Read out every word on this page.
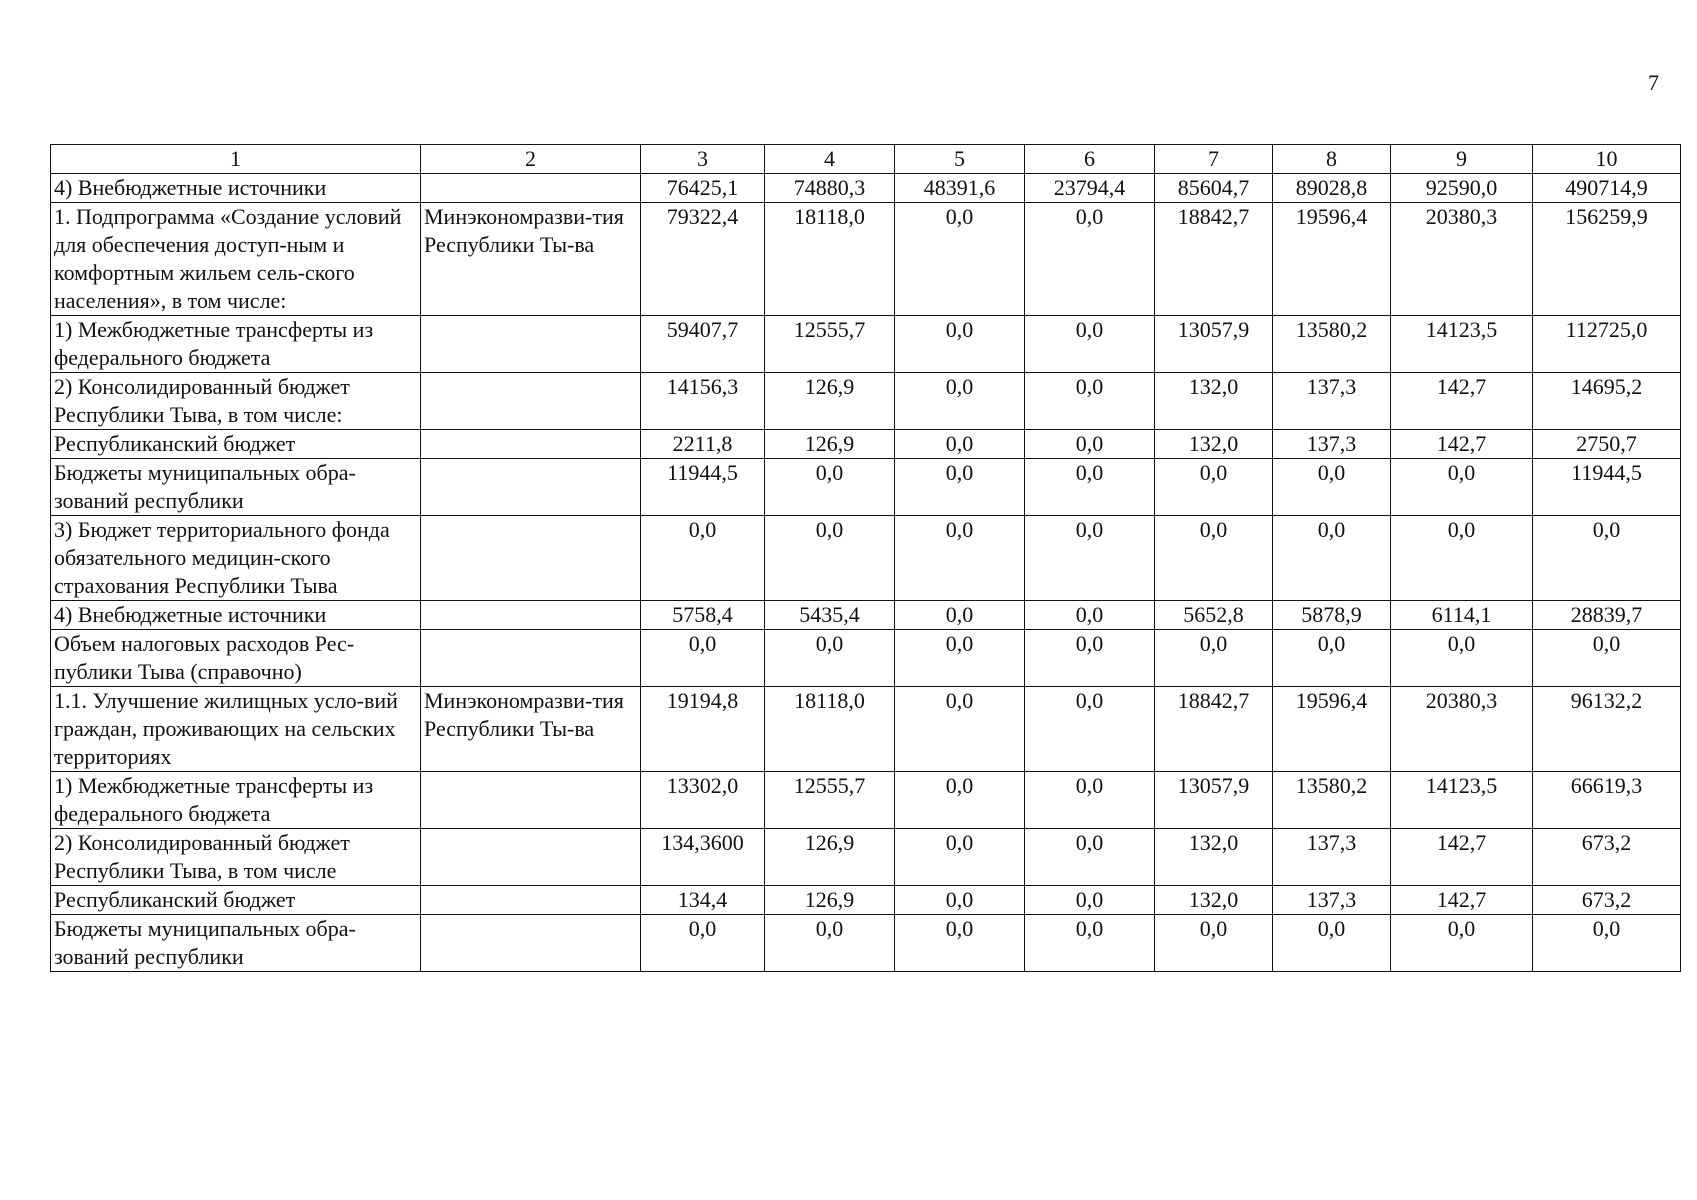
7
1	2	3	4	5	6	7	8	9	10
4) Внебюджетные источники		76425,1	74880,3	48391,6	23794,4	85604,7	89028,8	92590,0	490714,9
1. Подпрограмма «Создание условий для обеспечения доступ-ным и комфортным жильем сель-ского населения», в том числе:	Минэкономразви-тия Республики Ты-ва	79322,4	18118,0	0,0	0,0	18842,7	19596,4	20380,3	156259,9
1) Межбюджетные трансферты из федерального бюджета		59407,7	12555,7	0,0	0,0	13057,9	13580,2	14123,5	112725,0
2) Консолидированный бюджет Республики Тыва, в том числе:		14156,3	126,9	0,0	0,0	132,0	137,3	142,7	14695,2
Республиканский бюджет		2211,8	126,9	0,0	0,0	132,0	137,3	142,7	2750,7
Бюджеты муниципальных обра-зований республики		11944,5	0,0	0,0	0,0	0,0	0,0	0,0	11944,5
3) Бюджет территориального фонда обязательного медицин-ского страхования Республики Тыва		0,0	0,0	0,0	0,0	0,0	0,0	0,0	0,0
4) Внебюджетные источники		5758,4	5435,4	0,0	0,0	5652,8	5878,9	6114,1	28839,7
Объем налоговых расходов Рес-публики Тыва (справочно)		0,0	0,0	0,0	0,0	0,0	0,0	0,0	0,0
1.1. Улучшение жилищных усло-вий граждан, проживающих на сельских территориях	Минэкономразви-тия Республики Ты-ва	19194,8	18118,0	0,0	0,0	18842,7	19596,4	20380,3	96132,2
1) Межбюджетные трансферты из федерального бюджета		13302,0	12555,7	0,0	0,0	13057,9	13580,2	14123,5	66619,3
2) Консолидированный бюджет Республики Тыва, в том числе		134,3600	126,9	0,0	0,0	132,0	137,3	142,7	673,2
Республиканский бюджет		134,4	126,9	0,0	0,0	132,0	137,3	142,7	673,2
Бюджеты муниципальных обра-зований республики		0,0	0,0	0,0	0,0	0,0	0,0	0,0	0,0
